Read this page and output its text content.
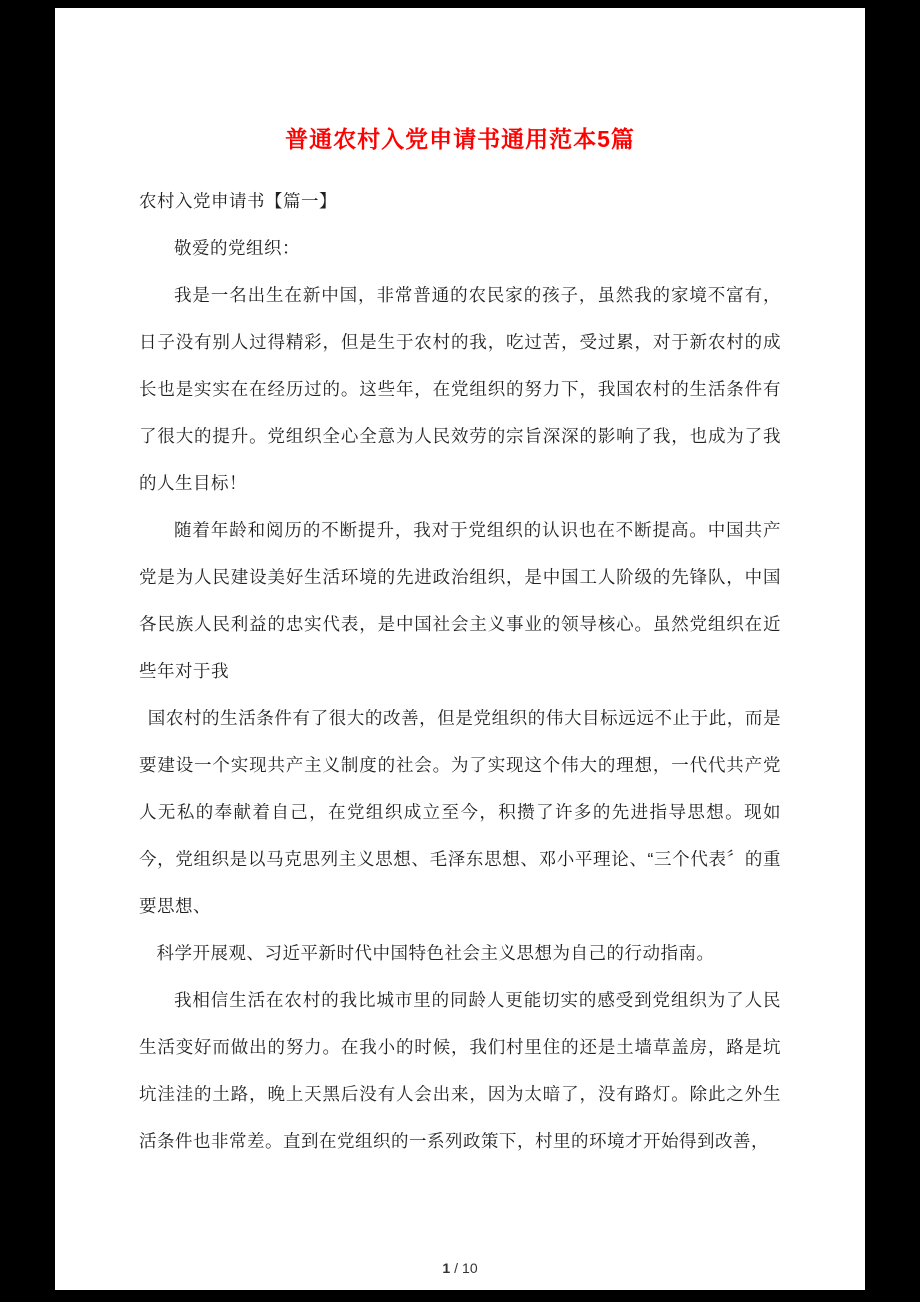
普通农村入党申请书通用范本5篇

农村入党申请书【篇一】

敬爱的党组织：

我是一名出生在新中国，非常普通的农民家的孩子，虽然我的家境不富有，日子没有别人过得精彩，但是生于农村的我，吃过苦，受过累，对于新农村的成长也是实实在在经历过的。这些年，在党组织的努力下，我国农村的生活条件有了很大的提升。党组织全心全意为人民效劳的宗旨深深的影响了我，也成为了我的人生目标！

随着年龄和阅历的不断提升，我对于党组织的认识也在不断提高。中国共产党是为人民建设美好生活环境的先进政治组织，是中国工人阶级的先锋队，中国各民族人民利益的忠实代表，是中国社会主义事业的领导核心。虽然党组织在近些年对于我

国农村的生活条件有了很大的改善，但是党组织的伟大目标远远不止于此，而是要建设一个实现共产主义制度的社会。为了实现这个伟大的理想，一代代共产党人无私的奉献着自己，在党组织成立至今，积攒了许多的先进指导思想。现如今，党组织是以马克思列主义思想、毛泽东思想、邓小平理论、“三个代表〞的重要思想、

科学开展观、习近平新时代中国特色社会主义思想为自己的行动指南。

我相信生活在农村的我比城市里的同龄人更能切实的感受到党组织为了人民生活变好而做出的努力。在我小的时候，我们村里住的还是土墙草盖房，路是坑坑洼洼的土路，晚上天黑后没有人会出来，因为太暗了，没有路灯。除此之外生活条件也非常差。直到在党组织的一系列政策下，村里的环境才开始得到改善，

1 / 10
